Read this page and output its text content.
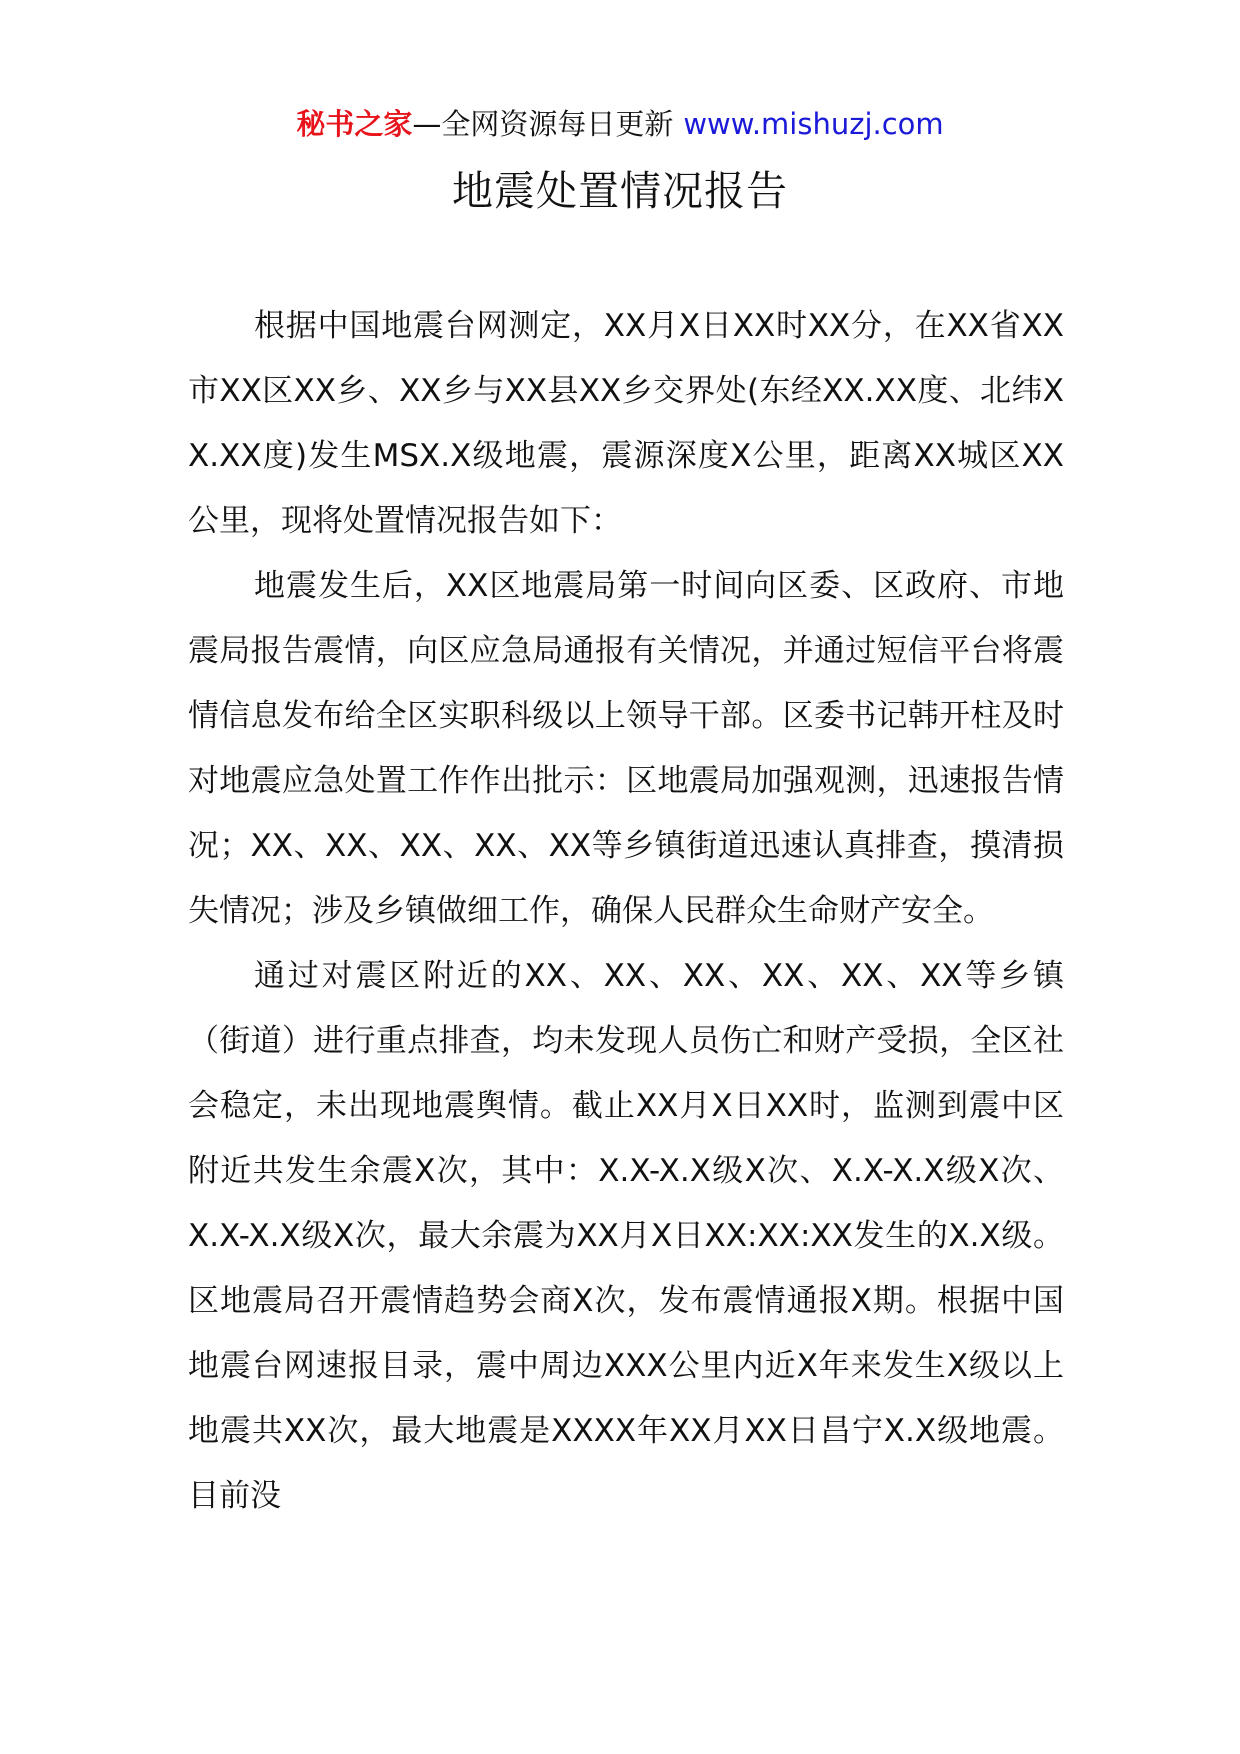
秘书之家—全网资源每日更新 www.mishuzj.com
地震处置情况报告

根据中国地震台网测定，XX月X日XX时XX分，在XX省XX市XX区XX乡、XX乡与XX县XX乡交界处(东经XX.XX度、北纬XX.XX度)发生MSX.X级地震，震源深度X公里，距离XX城区XX公里，现将处置情况报告如下：

地震发生后，XX区地震局第一时间向区委、区政府、市地震局报告震情，向区应急局通报有关情况，并通过短信平台将震情信息发布给全区实职科级以上领导干部。区委书记韩开柱及时对地震应急处置工作作出批示：区地震局加强观测，迅速报告情况；XX、XX、XX、XX、XX等乡镇街道迅速认真排查，摸清损失情况；涉及乡镇做细工作，确保人民群众生命财产安全。

通过对震区附近的XX、XX、XX、XX、XX、XX等乡镇（街道）进行重点排查，均未发现人员伤亡和财产受损，全区社会稳定，未出现地震舆情。截止XX月X日XX时，监测到震中区附近共发生余震X次，其中：X.X-X.X级X次、X.X-X.X级X次、X.X-X.X级X次，最大余震为XX月X日XX:XX:XX发生的X.X级。区地震局召开震情趋势会商X次，发布震情通报X期。根据中国地震台网速报目录，震中周边XXX公里内近X年来发生X级以上地震共XX次，最大地震是XXXX年XX月XX日昌宁X.X级地震。目前没
